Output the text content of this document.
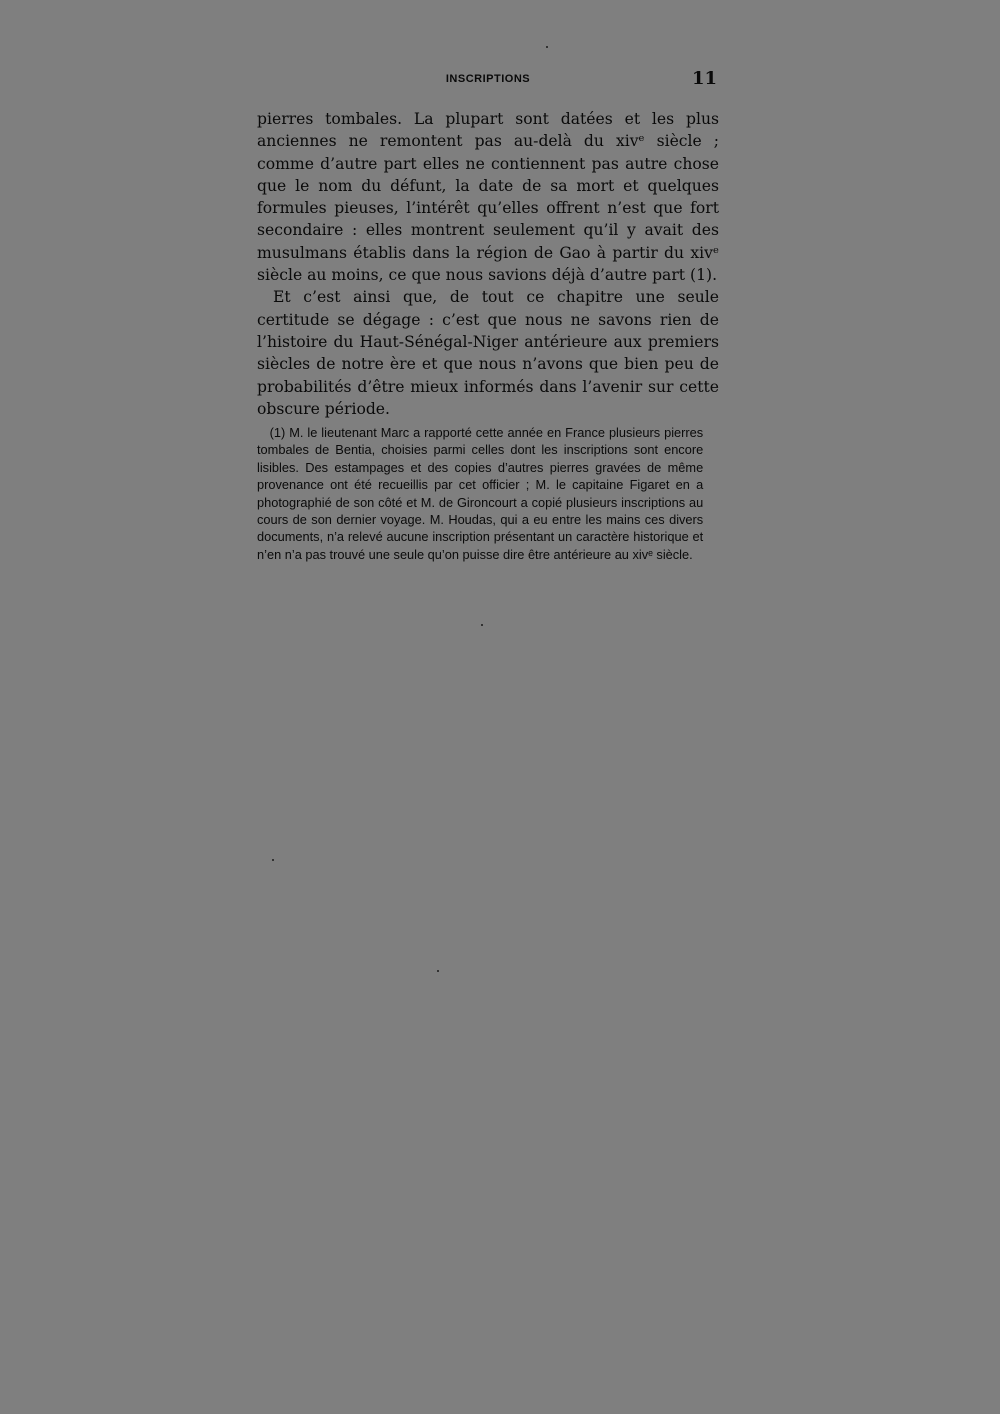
INSCRIPTIONS	11

pierres tombales. La plupart sont datées et les plus anciennes ne remontent pas au-delà du xivᵉ siècle ; comme d’autre part elles ne contiennent pas autre chose que le nom du défunt, la date de sa mort et quelques formules pieuses, l’intérêt qu’elles offrent n’est que fort secondaire : elles montrent seulement qu’il y avait des musulmans établis dans la région de Gao à partir du xivᵉ siècle au moins, ce que nous savions déjà d’autre part (1).

Et c’est ainsi que, de tout ce chapitre une seule certitude se dégage : c’est que nous ne savons rien de l’histoire du Haut-Sénégal-Niger antérieure aux premiers siècles de notre ère et que nous n’avons que bien peu de probabilités d’être mieux informés dans l’avenir sur cette obscure période.

(1) M. le lieutenant Marc a rapporté cette année en France plusieurs pierres tombales de Bentia, choisies parmi celles dont les inscriptions sont encore lisibles. Des estampages et des copies d’autres pierres gravées de même provenance ont été recueillis par cet officier ; M. le capitaine Figaret en a photographié de son côté et M. de Gironcourt a copié plusieurs inscriptions au cours de son dernier voyage. M. Houdas, qui a eu entre les mains ces divers documents, n’a relevé aucune inscription présentant un caractère historique et n’en n’a pas trouvé une seule qu’on puisse dire être antérieure au xivᵉ siècle.
